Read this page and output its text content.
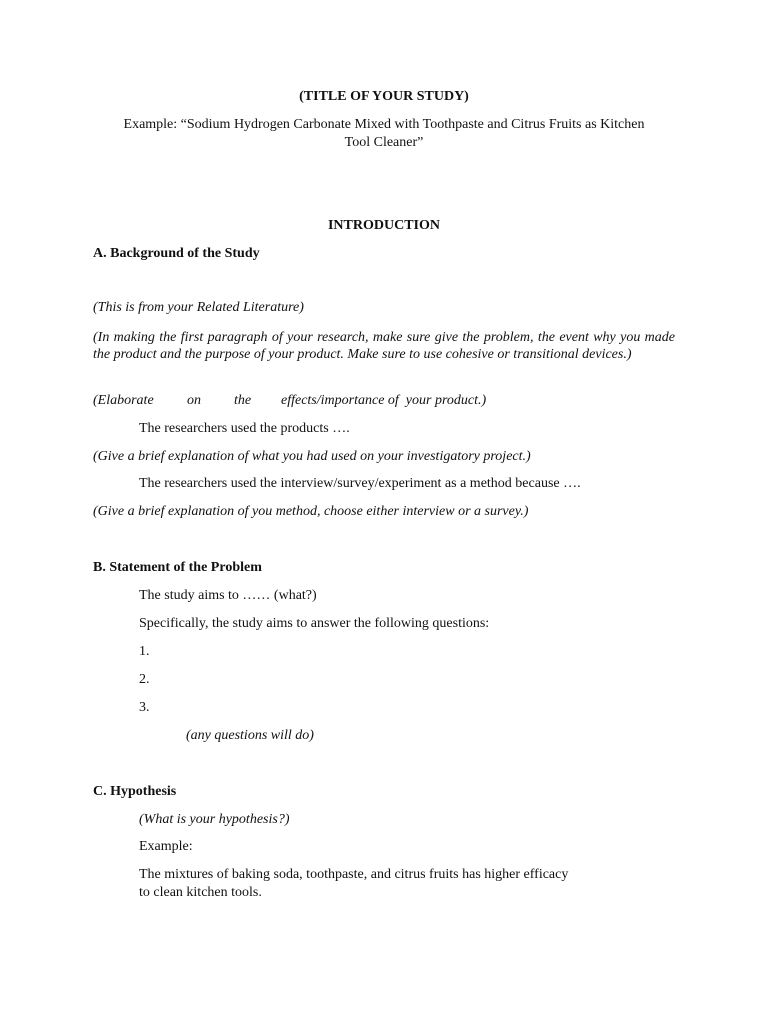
(TITLE OF YOUR STUDY)
Example: “Sodium Hydrogen Carbonate Mixed with Toothpaste and Citrus Fruits as Kitchen
Tool Cleaner”
INTRODUCTION
A. Background of the Study
(This is from your Related Literature)
(In making the first paragraph of your research, make sure give the problem, the event why you made the product and the purpose of your product. Make sure to use cohesive or transitional devices.)
(Elaborate on the effects/importance of  your product.)
The researchers used the products ….
(Give a brief explanation of what you had used on your investigatory project.)
The researchers used the interview/survey/experiment as a method because ….
(Give a brief explanation of you method, choose either interview or a survey.)
B. Statement of the Problem
The study aims to …… (what?)
Specifically, the study aims to answer the following questions:
1.
2.
3.
(any questions will do)
C. Hypothesis
(What is your hypothesis?)
Example:
The mixtures of baking soda, toothpaste, and citrus fruits has higher efficacy
to clean kitchen tools.
